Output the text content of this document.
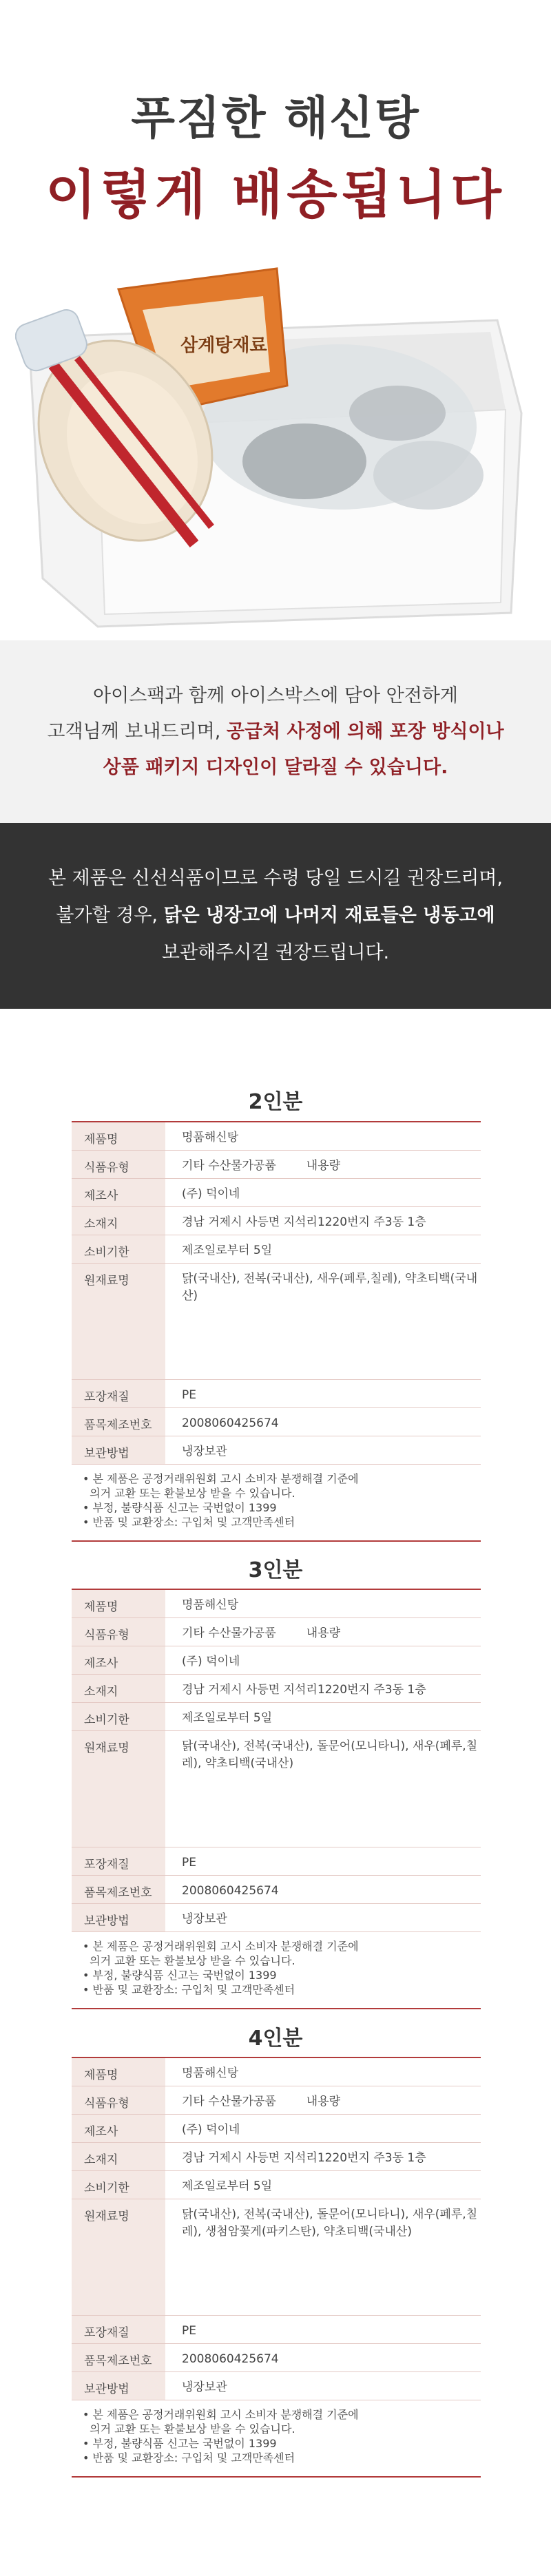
푸짐한 해신탕
이렇게 배송됩니다
삼계탕재료
아이스팩과 함께 아이스박스에 담아 안전하게
고객님께 보내드리며, 공급처 사정에 의해 포장 방식이나
상품 패키지 디자인이 달라질 수 있습니다.
본 제품은 신선식품이므로 수령 당일 드시길 권장드리며,
불가할 경우, 닭은 냉장고에 나머지 재료들은 냉동고에
보관해주시길 권장드립니다.
2인분
제품명	명품해신탕
식품유형	기타 수산물가공품	내용량
제조사	(주) 덕이네
소재지	경남 거제시 사등면 지석리1220번지 주3동 1층
소비기한	제조일로부터 5일
원재료명	닭(국내산), 전복(국내산), 새우(페루,칠레), 약초티백(국내산)
포장재질	PE
품목제조번호	2008060425674
보관방법	냉장보관
• 본 제품은 공정거래위원회 고시 소비자 분쟁해결 기준에
의거 교환 또는 환불보상 받을 수 있습니다.
• 부정, 불량식품 신고는 국번없이 1399
• 반품 및 교환장소: 구입처 및 고객만족센터
3인분
제품명	명품해신탕
식품유형	기타 수산물가공품	내용량
제조사	(주) 덕이네
소재지	경남 거제시 사등면 지석리1220번지 주3동 1층
소비기한	제조일로부터 5일
원재료명	닭(국내산), 전복(국내산), 돌문어(모니타니), 새우(페루,칠레), 약초티백(국내산)
포장재질	PE
품목제조번호	2008060425674
보관방법	냉장보관
• 본 제품은 공정거래위원회 고시 소비자 분쟁해결 기준에
의거 교환 또는 환불보상 받을 수 있습니다.
• 부정, 불량식품 신고는 국번없이 1399
• 반품 및 교환장소: 구입처 및 고객만족센터
4인분
제품명	명품해신탕
식품유형	기타 수산물가공품	내용량
제조사	(주) 덕이네
소재지	경남 거제시 사등면 지석리1220번지 주3동 1층
소비기한	제조일로부터 5일
원재료명	닭(국내산), 전복(국내산), 돌문어(모니타니), 새우(페루,칠레), 생첨암꽃게(파키스탄), 약초티백(국내산)
포장재질	PE
품목제조번호	2008060425674
보관방법	냉장보관
• 본 제품은 공정거래위원회 고시 소비자 분쟁해결 기준에
의거 교환 또는 환불보상 받을 수 있습니다.
• 부정, 불량식품 신고는 국번없이 1399
• 반품 및 교환장소: 구입처 및 고객만족센터
